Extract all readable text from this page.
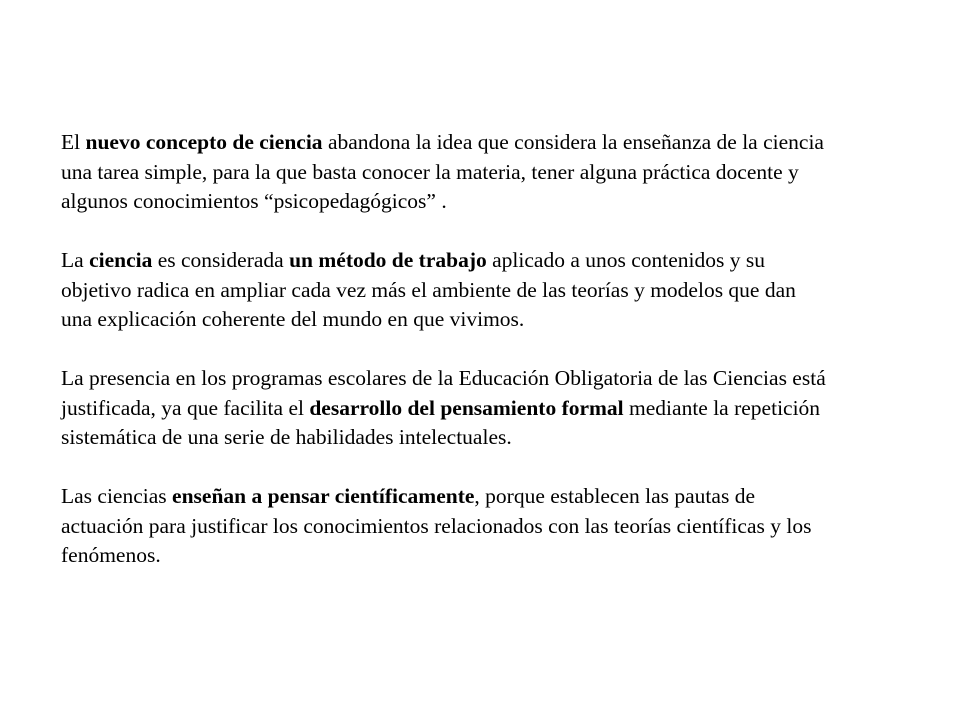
El nuevo concepto de ciencia abandona la idea que considera la enseñanza de la ciencia
una tarea simple, para la que basta conocer la materia, tener alguna práctica docente y
algunos conocimientos “psicopedagógicos” .

La ciencia es considerada un método de trabajo aplicado a unos contenidos y su
objetivo radica en ampliar cada vez más el ambiente de las teorías y modelos que dan
una explicación coherente del mundo en que vivimos.

La presencia en los programas escolares de la Educación Obligatoria de las Ciencias está
justificada, ya que facilita el desarrollo del pensamiento formal mediante la repetición
sistemática de una serie de habilidades intelectuales.

Las ciencias enseñan a pensar científicamente, porque establecen las pautas de
actuación para justificar los conocimientos relacionados con las teorías científicas y los
fenómenos.
